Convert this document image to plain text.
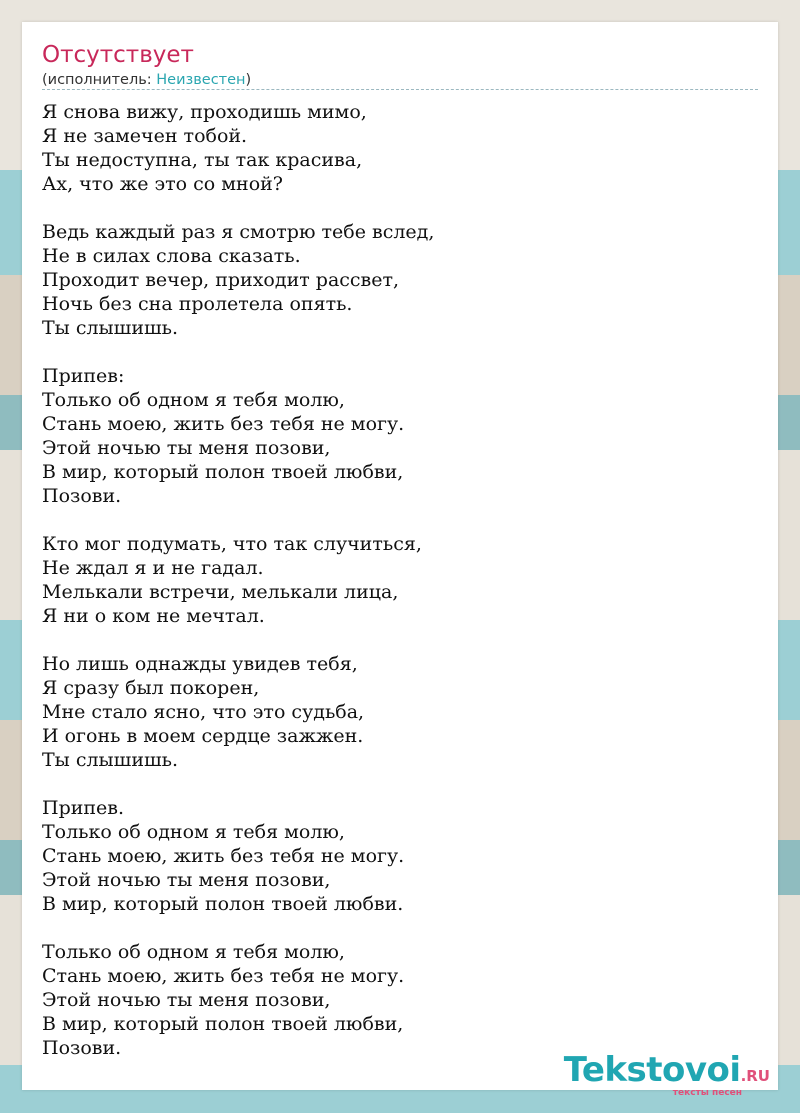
Отсутствует
(исполнитель: Неизвестен)
Я снова вижу, проходишь мимо,
Я не замечен тобой.
Ты недоступна, ты так красива,
Ах, что же это со мной?
Ведь каждый раз я смотрю тебе вслед,
Не в силах слова сказать.
Проходит вечер, приходит рассвет,
Ночь без сна пролетела опять.
Ты слышишь.
Припев:
Только об одном я тебя молю,
Стань моею, жить без тебя не могу.
Этой ночью ты меня позови,
В мир, который полон твоей любви,
Позови.
Кто мог подумать, что так случиться,
Не ждал я и не гадал.
Мелькали встречи, мелькали лица,
Я ни о ком не мечтал.
Но лишь однажды увидев тебя,
Я сразу был покорен,
Мне стало ясно, что это судьба,
И огонь в моем сердце зажжен.
Ты слышишь.
Припев.
Только об одном я тебя молю,
Стань моею, жить без тебя не могу.
Этой ночью ты меня позови,
В мир, который полон твоей любви.
Только об одном я тебя молю,
Стань моею, жить без тебя не могу.
Этой ночью ты меня позови,
В мир, который полон твоей любви,
Позови.
Tekstovoi.RU
тексты песен
